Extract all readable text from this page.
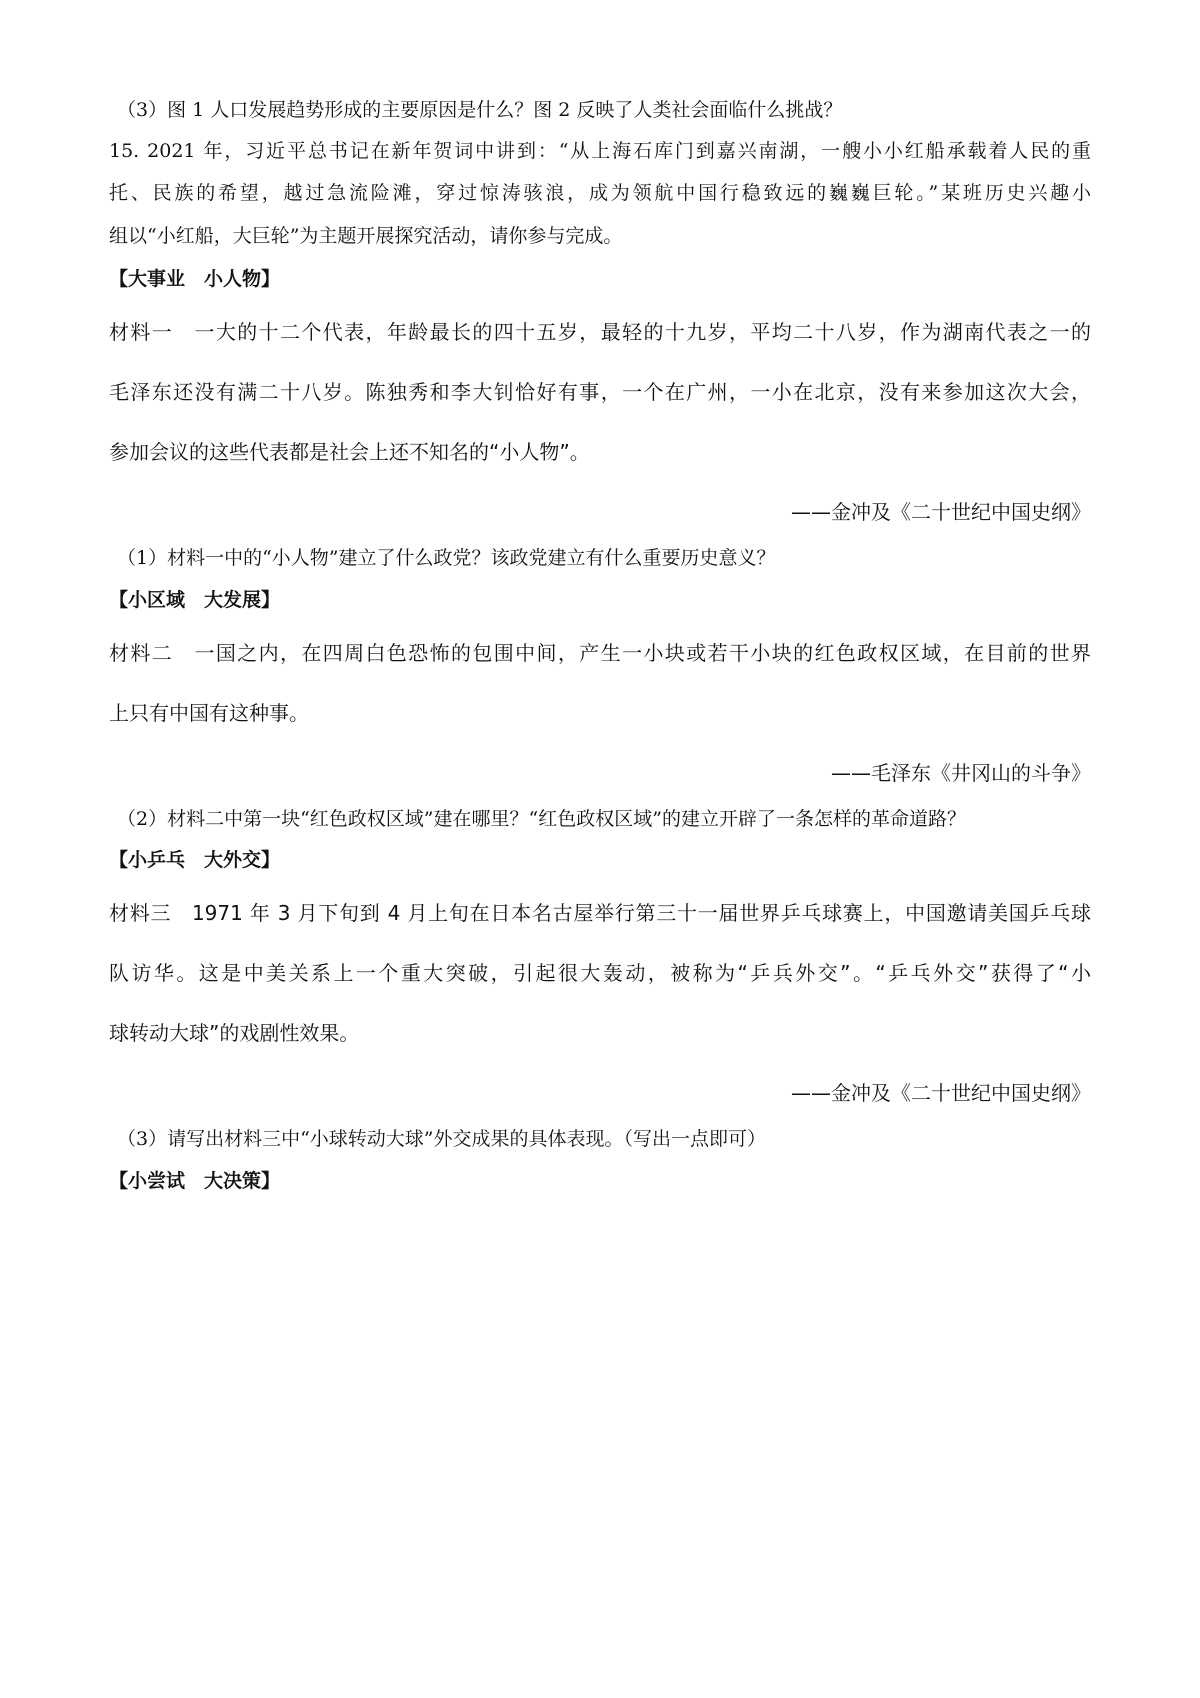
（3）图 1 人口发展趋势形成的主要原因是什么？图 2 反映了人类社会面临什么挑战？
15. 2021 年，习近平总书记在新年贺词中讲到：“从上海石库门到嘉兴南湖，一艘小小红船承载着人民的重
托、民族的希望，越过急流险滩，穿过惊涛骇浪，成为领航中国行稳致远的巍巍巨轮。”某班历史兴趣小
组以“小红船，大巨轮”为主题开展探究活动，请你参与完成。
【大事业　小人物】
材料一　一大的十二个代表，年龄最长的四十五岁，最轻的十九岁，平均二十八岁，作为湖南代表之一的
毛泽东还没有满二十八岁。陈独秀和李大钊恰好有事，一个在广州，一小在北京，没有来参加这次大会，
参加会议的这些代表都是社会上还不知名的“小人物”。
——金冲及《二十世纪中国史纲》
（1）材料一中的“小人物”建立了什么政党？该政党建立有什么重要历史意义？
【小区域　大发展】
材料二　一国之内，在四周白色恐怖的包围中间，产生一小块或若干小块的红色政权区域，在目前的世界
上只有中国有这种事。
——毛泽东《井冈山的斗争》
（2）材料二中第一块“红色政权区域”建在哪里？“红色政权区域”的建立开辟了一条怎样的革命道路？
【小乒乓　大外交】
材料三　1971 年 3 月下旬到 4 月上旬在日本名古屋举行第三十一届世界乒乓球赛上，中国邀请美国乒乓球
队访华。这是中美关系上一个重大突破，引起很大轰动，被称为“乒兵外交”。“乒乓外交”获得了“小
球转动大球”的戏剧性效果。
——金冲及《二十世纪中国史纲》
（3）请写出材料三中“小球转动大球”外交成果的具体表现。（写出一点即可）
【小尝试　大决策】
